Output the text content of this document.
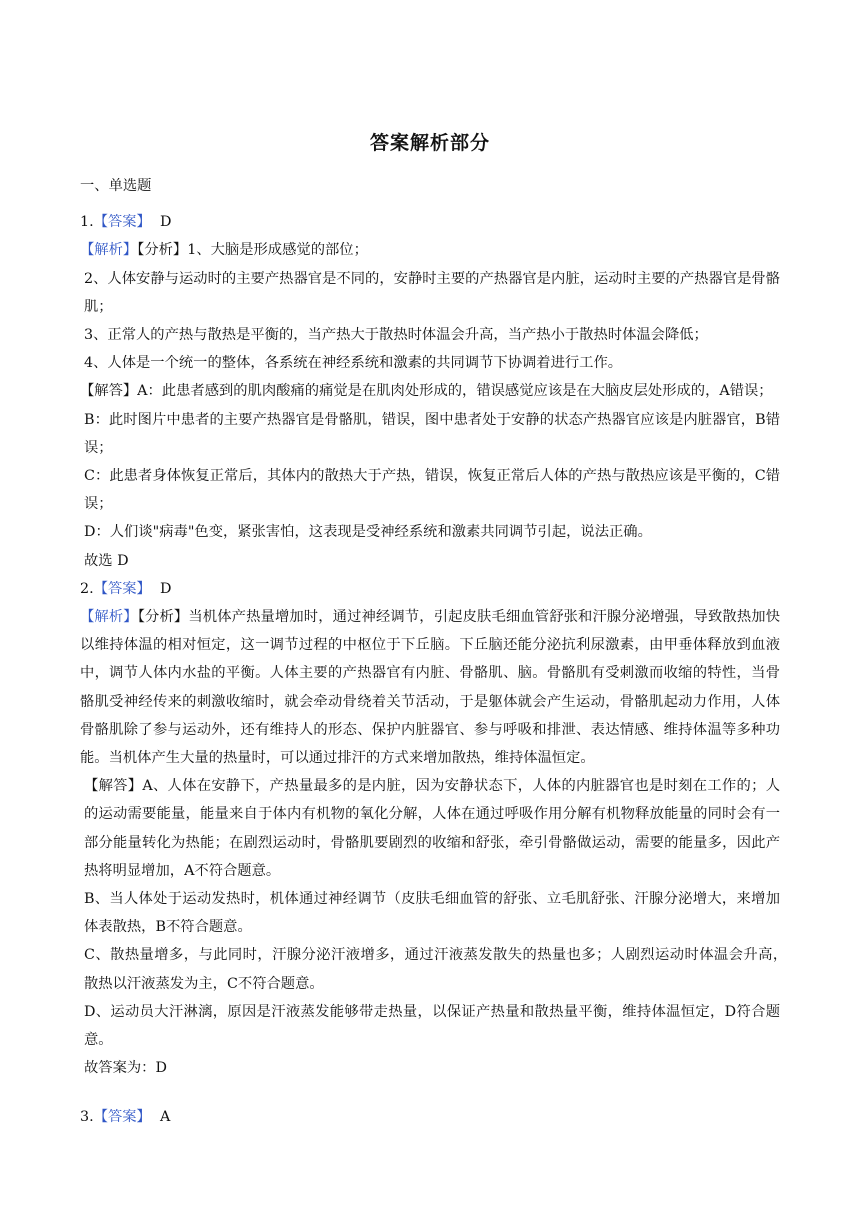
答案解析部分

一、单选题

1.【答案】 D

【解析】【分析】1、大脑是形成感觉的部位；

2、人体安静与运动时的主要产热器官是不同的，安静时主要的产热器官是内脏，运动时主要的产热器官是骨骼肌；

3、正常人的产热与散热是平衡的，当产热大于散热时体温会升高，当产热小于散热时体温会降低；

4、人体是一个统一的整体，各系统在神经系统和激素的共同调节下协调着进行工作。

【解答】A：此患者感到的肌肉酸痛的痛觉是在肌肉处形成的，错误感觉应该是在大脑皮层处形成的，A错误；

B：此时图片中患者的主要产热器官是骨骼肌，错误，图中患者处于安静的状态产热器官应该是内脏器官，B错误；

C：此患者身体恢复正常后，其体内的散热大于产热，错误，恢复正常后人体的产热与散热应该是平衡的，C错误；

D：人们谈"病毒"色变，紧张害怕，这表现是受神经系统和激素共同调节引起，说法正确。

故选 D

2.【答案】 D

【解析】【分析】当机体产热量增加时，通过神经调节，引起皮肤毛细血管舒张和汗腺分泌增强，导致散热加快以维持体温的相对恒定，这一调节过程的中枢位于下丘脑。下丘脑还能分泌抗利尿激素，由甲垂体释放到血液中，调节人体内水盐的平衡。人体主要的产热器官有内脏、骨骼肌、脑。骨骼肌有受刺激而收缩的特性，当骨骼肌受神经传来的刺激收缩时，就会牵动骨绕着关节活动，于是躯体就会产生运动，骨骼肌起动力作用，人体骨骼肌除了参与运动外，还有维持人的形态、保护内脏器官、参与呼吸和排泄、表达情感、维持体温等多种功能。当机体产生大量的热量时，可以通过排汗的方式来增加散热，维持体温恒定。

【解答】A、人体在安静下，产热量最多的是内脏，因为安静状态下，人体的内脏器官也是时刻在工作的；人的运动需要能量，能量来自于体内有机物的氧化分解，人体在通过呼吸作用分解有机物释放能量的同时会有一部分能量转化为热能；在剧烈运动时，骨骼肌要剧烈的收缩和舒张，牵引骨骼做运动，需要的能量多，因此产热将明显增加，A不符合题意。

B、当人体处于运动发热时，机体通过神经调节（皮肤毛细血管的舒张、立毛肌舒张、汗腺分泌增大，来增加体表散热，B不符合题意。

C、散热量增多，与此同时，汗腺分泌汗液增多，通过汗液蒸发散失的热量也多；人剧烈运动时体温会升高，　散热以汗液蒸发为主，C不符合题意。

D、运动员大汗淋漓，原因是汗液蒸发能够带走热量，以保证产热量和散热量平衡，维持体温恒定，D符合题意。

故答案为：D

3.【答案】 A
